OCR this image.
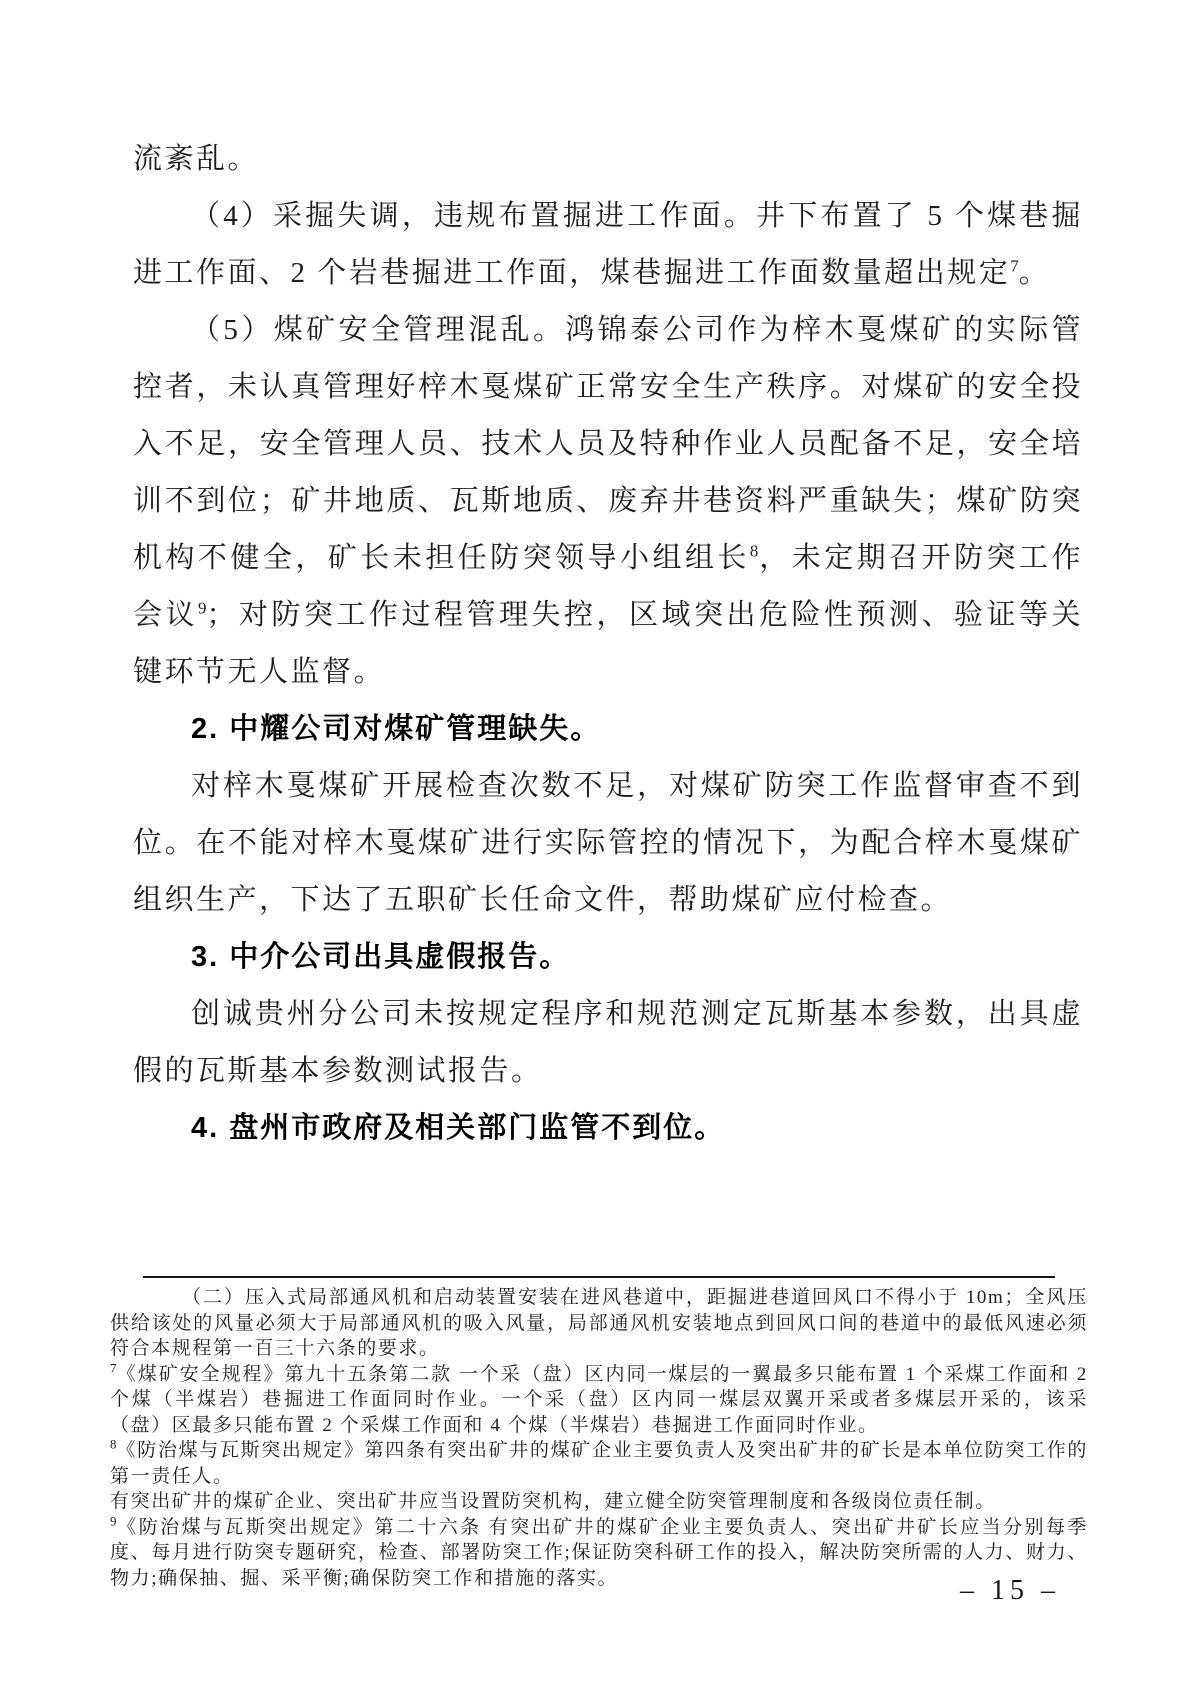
流紊乱。

（4）采掘失调，违规布置掘进工作面。井下布置了 5 个煤巷掘进工作面、2 个岩巷掘进工作面，煤巷掘进工作面数量超出规定$^7$。

（5）煤矿安全管理混乱。鸿锦泰公司作为梓木戛煤矿的实际管控者，未认真管理好梓木戛煤矿正常安全生产秩序。对煤矿的安全投入不足，安全管理人员、技术人员及特种作业人员配备不足，安全培训不到位；矿井地质、瓦斯地质、废弃井巷资料严重缺失；煤矿防突机构不健全，矿长未担任防突领导小组组长$^8$，未定期召开防突工作会议$^9$；对防突工作过程管理失控，区域突出危险性预测、验证等关键环节无人监督。

2. 中耀公司对煤矿管理缺失。

对梓木戛煤矿开展检查次数不足，对煤矿防突工作监督审查不到位。在不能对梓木戛煤矿进行实际管控的情况下，为配合梓木戛煤矿组织生产，下达了五职矿长任命文件，帮助煤矿应付检查。

3. 中介公司出具虚假报告。

创诚贵州分公司未按规定程序和规范测定瓦斯基本参数，出具虚假的瓦斯基本参数测试报告。

4. 盘州市政府及相关部门监管不到位。

（二）压入式局部通风机和启动装置安装在进风巷道中，距掘进巷道回风口不得小于 10m；全风压供给该处的风量必须大于局部通风机的吸入风量，局部通风机安装地点到回风口间的巷道中的最低风速必须符合本规程第一百三十六条的要求。

$^7$《煤矿安全规程》第九十五条第二款 一个采（盘）区内同一煤层的一翼最多只能布置 1 个采煤工作面和 2 个煤（半煤岩）巷掘进工作面同时作业。一个采（盘）区内同一煤层双翼开采或者多煤层开采的，该采（盘）区最多只能布置 2 个采煤工作面和 4 个煤（半煤岩）巷掘进工作面同时作业。

$^8$《防治煤与瓦斯突出规定》第四条有突出矿井的煤矿企业主要负责人及突出矿井的矿长是本单位防突工作的第一责任人。

有突出矿井的煤矿企业、突出矿井应当设置防突机构，建立健全防突管理制度和各级岗位责任制。

$^9$《防治煤与瓦斯突出规定》第二十六条 有突出矿井的煤矿企业主要负责人、突出矿井矿长应当分别每季度、每月进行防突专题研究，检查、部署防突工作;保证防突科研工作的投入，解决防突所需的人力、财力、物力;确保抽、掘、采平衡;确保防突工作和措施的落实。	– 15 –
